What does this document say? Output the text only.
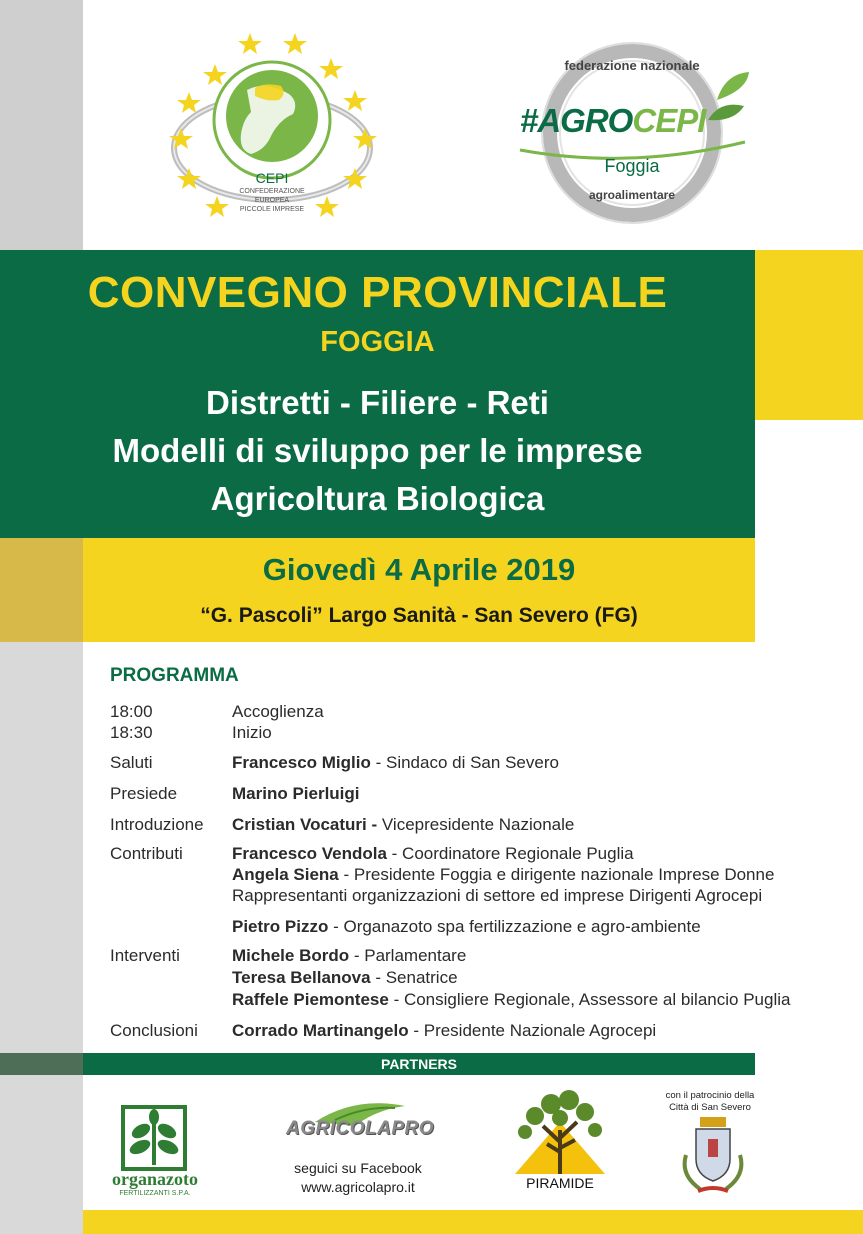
CEPI
CONFEDERAZIONE
EUROPEA
PICCOLE IMPRESE
federazione nazionale
#AGROCEPI
Foggia
agroalimentare
CONVEGNO PROVINCIALE
FOGGIA
Distretti - Filiere - Reti
Modelli di sviluppo per le imprese
Agricoltura Biologica
Giovedì 4 Aprile 2019
“G. Pascoli” Largo Sanità - San Severo (FG)
PROGRAMMA
18:00	Accoglienza
18:30	Inizio
Saluti	Francesco Miglio - Sindaco di San Severo
Presiede	Marino Pierluigi
Introduzione	Cristian Vocaturi - Vicepresidente Nazionale
Contributi	Francesco Vendola - Coordinatore Regionale Puglia
Angela Siena - Presidente Foggia e dirigente nazionale Imprese Donne
Rappresentanti organizzazioni di settore ed imprese Dirigenti Agrocepi
Pietro Pizzo - Organazoto spa fertilizzazione e agro-ambiente
Interventi	Michele Bordo - Parlamentare
Teresa Bellanova - Senatrice
Raffele Piemontese - Consigliere Regionale, Assessore al bilancio Puglia
Conclusioni	Corrado Martinangelo - Presidente Nazionale Agrocepi
PARTNERS
organazoto
FERTILIZZANTI S.P.A.
AGRICOLAPRO
seguici su Facebook
www.agricolapro.it	PIRAMIDE
con il patrocinio della
Città di San Severo
